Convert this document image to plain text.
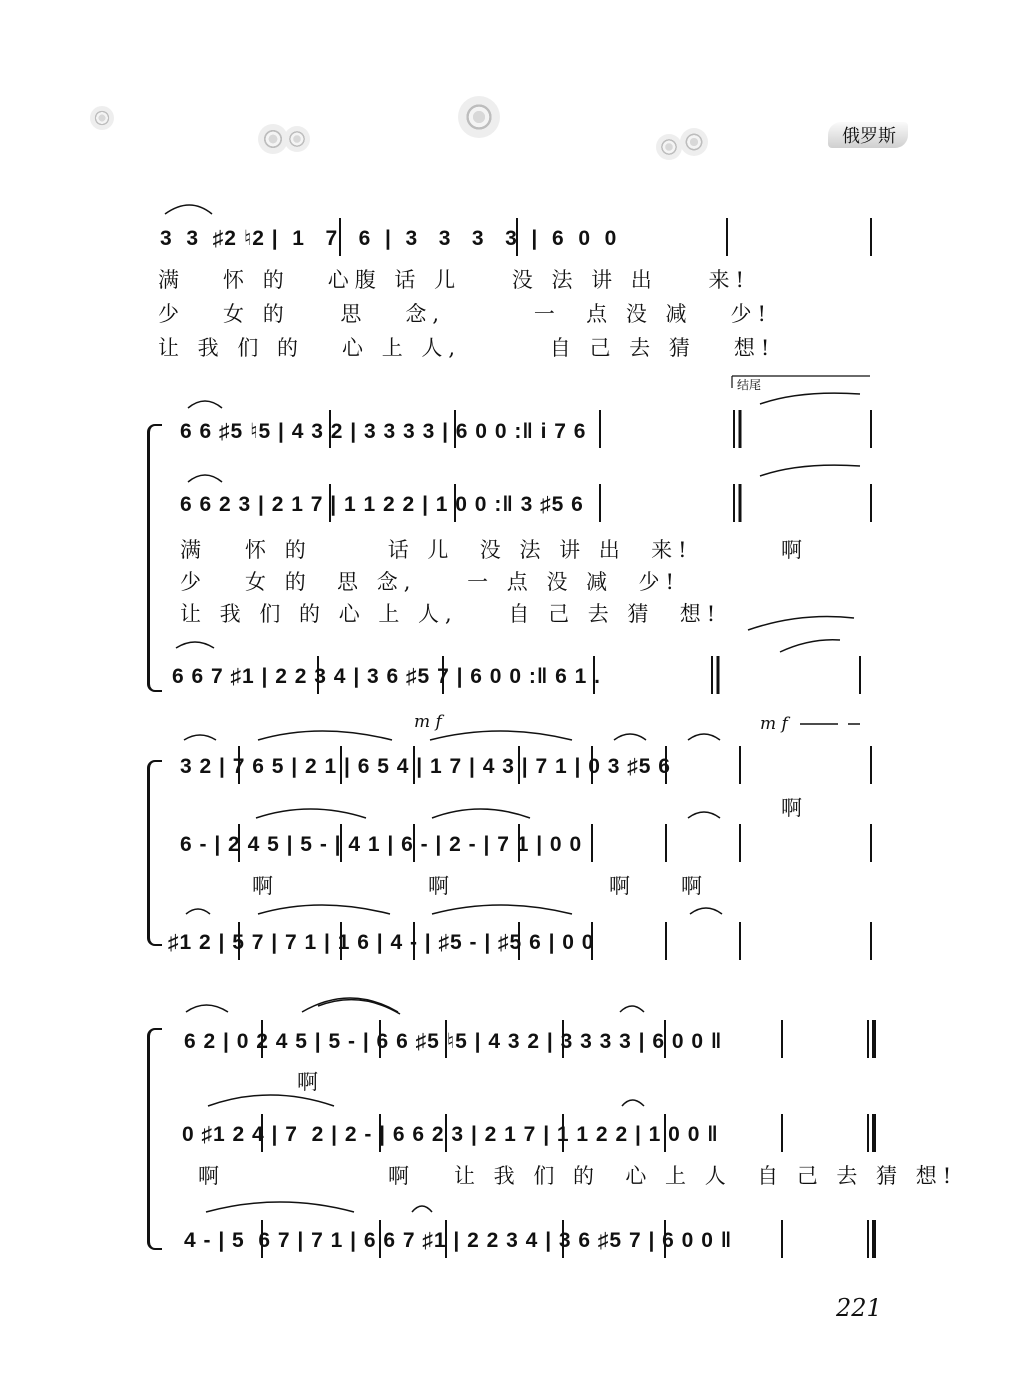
俄罗斯
3  3  ♯2 ♮2 |  1   7   6  |  3   3   3   3  |  6  0  0
满   怀 的   心腹 话 儿    没 法 讲 出    来!
少   女 的    思   念,       一  点 没 减   少!
让 我 们 的   心 上 人,       自 己 去 猜   想!
结尾
6 6 ♯5 ♮5 | 4 3 2 | 3 3 3 3 | 6 0 0 :‖ i 7 6
6 6 2 3 | 2 1 7 | 1 1 2 2 | 1 0 0 :‖ 3 ♯5 6
满   怀 的      话 儿  没 法 讲 出  来!	啊
少   女 的  思 念,    一 点 没 减  少!
让 我 们 的 心 上 人,    自 己 去 猜  想!
6 6 7 ♯1 | 2 2 3 4 | 3 6 ♯5 7 | 6 0 0 :‖ 6 1 .
m f	m f
3 2 | 7 6 5 | 2 1 | 6 5 4 | 1 7 | 4 3 | 7 1 | 0 3 ♯5 6
啊
6 - | 2 4 5 | 5 - | 4 1 | 6 - | 2 - | 7 1 | 0 0
啊	啊	啊 啊
♯1 2 | 5 7 | 7 1 | 1 6 | 4 - | ♯5 - | ♯5 6 | 0 0
6 2 | 0 2 4 5 | 5 - | 6 6 ♯5 ♮5 | 4 3 2 | 3 3 3 3 | 6 0 0 ‖
啊
0 ♯1 2 4 | 7  2 | 2 - | 6 6 2 3 | 2 1 7 | 1 1 2 2 | 1 0 0 ‖
啊	啊 让 我 们 的  心 上 人  自 己 去 猜 想!
4 - | 5  6 7 | 7 1 | 6 6 7 ♯1 | 2 2 3 4 | 3 6 ♯5 7 | 6 0 0 ‖
221
